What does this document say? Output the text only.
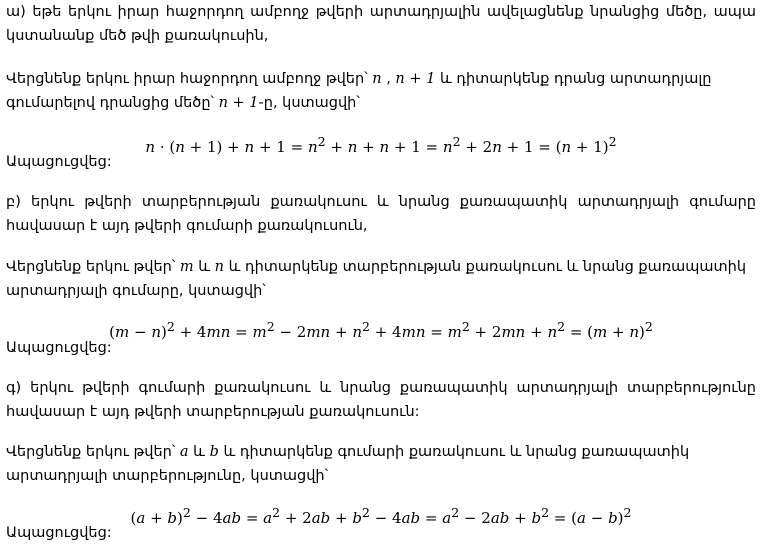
ա) եթե երկու իրար հաջորդող ամբողջ թվերի արտադրյալին ավելացնենք նրանցից մեծը, ապա կստանանք մեծ թվի քառակուսին,
Վերցնենք երկու իրար հաջորդող ամբողջ թվեր՝ n , n + 1 և դիտարկենք դրանց արտադրյալը գումարելով դրանցից մեծը՝ n + 1-ը, կստացվի՝
$n \cdot (n + 1) + n + 1 = n^2 + n + n + 1 = n^2 + 2n + 1 = (n + 1)^2$
Ապացուցվեց:
բ) երկու թվերի տարբերության քառակուսու և նրանց քառապատիկ արտադրյալի գումարը հավասար է այդ թվերի գումարի քառակուսուն,
Վերցնենք երկու թվեր՝ m և n և դիտարկենք տարբերության քառակուսու և նրանց քառապատիկ արտադրյալի գումարը, կստացվի՝
$(m - n)^2 + 4mn = m^2 - 2mn + n^2 + 4mn = m^2 + 2mn + n^2 = (m + n)^2$
Ապացուցվեց:
գ) երկու թվերի գումարի քառակուսու և նրանց քառապատիկ արտադրյալի տարբերությունը հավասար է այդ թվերի տարբերության քառակուսուն:
Վերցնենք երկու թվեր՝ a և b և դիտարկենք գումարի քառակուսու և նրանց քառապատիկ արտադրյալի տարբերությունը, կստացվի՝
$(a + b)^2 - 4ab = a^2 + 2ab + b^2 - 4ab = a^2 - 2ab + b^2 = (a - b)^2$
Ապացուցվեց:
